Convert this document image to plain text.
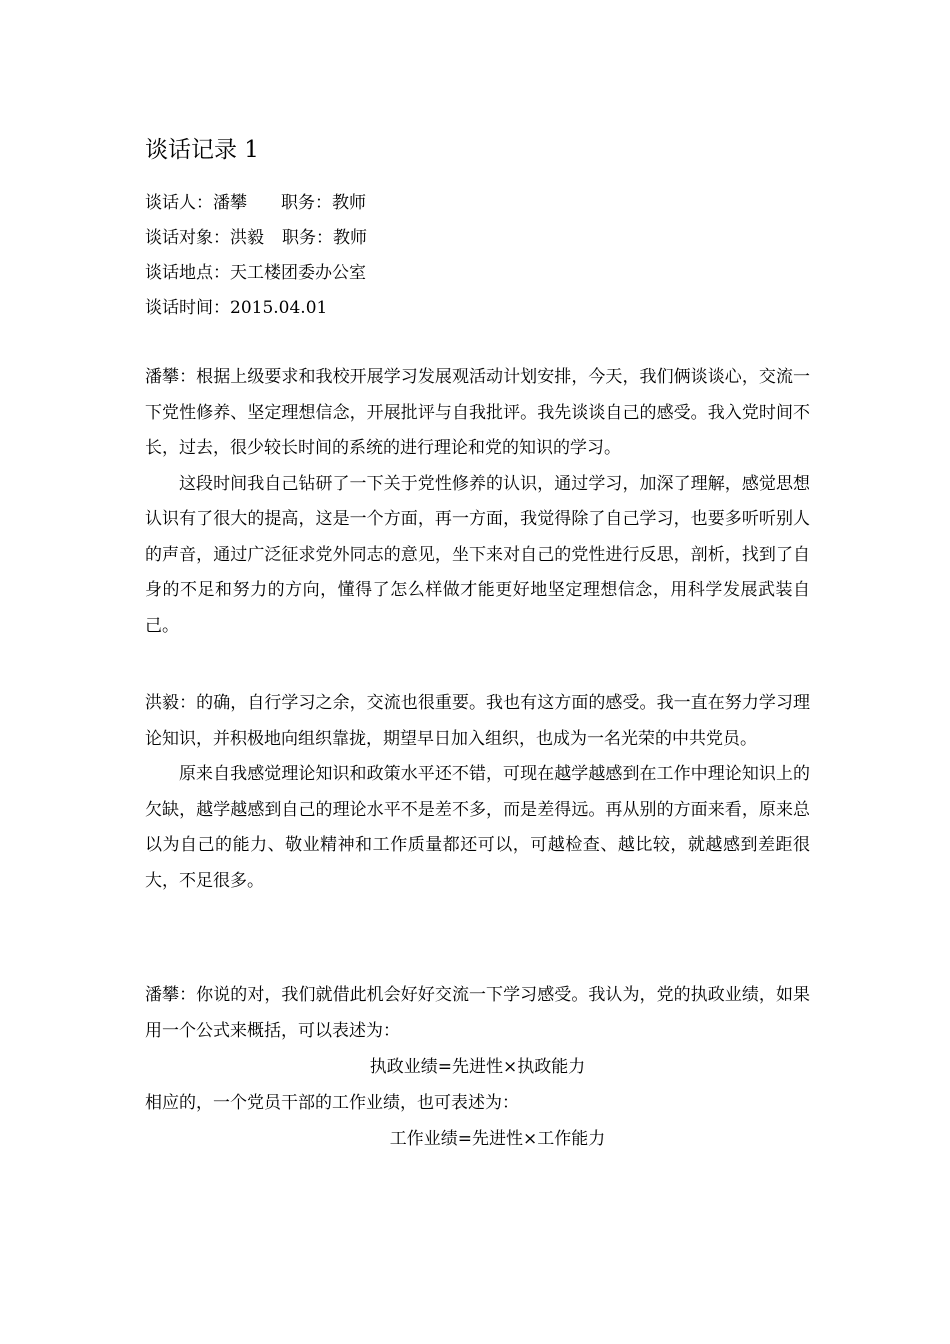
谈话记录 1
谈话人：潘攀 职务：教师
谈话对象：洪毅 职务：教师
谈话地点：天工楼团委办公室
谈话时间：2015.04.01

潘攀：根据上级要求和我校开展学习发展观活动计划安排，今天，我们俩谈谈心，交流一下党性修养、坚定理想信念，开展批评与自我批评。我先谈谈自己的感受。我入党时间不长，过去，很少较长时间的系统的进行理论和党的知识的学习。

这段时间我自己钻研了一下关于党性修养的认识，通过学习，加深了理解，感觉思想认识有了很大的提高，这是一个方面，再一方面，我觉得除了自己学习，也要多听听别人的声音，通过广泛征求党外同志的意见，坐下来对自己的党性进行反思，剖析，找到了自身的不足和努力的方向，懂得了怎么样做才能更好地坚定理想信念，用科学发展武装自己。

洪毅：的确，自行学习之余，交流也很重要。我也有这方面的感受。我一直在努力学习理论知识，并积极地向组织靠拢，期望早日加入组织，也成为一名光荣的中共党员。

原来自我感觉理论知识和政策水平还不错，可现在越学越感到在工作中理论知识上的欠缺，越学越感到自己的理论水平不是差不多，而是差得远。再从别的方面来看，原来总以为自己的能力、敬业精神和工作质量都还可以，可越检查、越比较，就越感到差距很大，不足很多。

潘攀：你说的对，我们就借此机会好好交流一下学习感受。我认为，党的执政业绩，如果用一个公式来概括，可以表述为：

执政业绩=先进性×执政能力
相应的，一个党员干部的工作业绩，也可表述为：
工作业绩=先进性×工作能力
